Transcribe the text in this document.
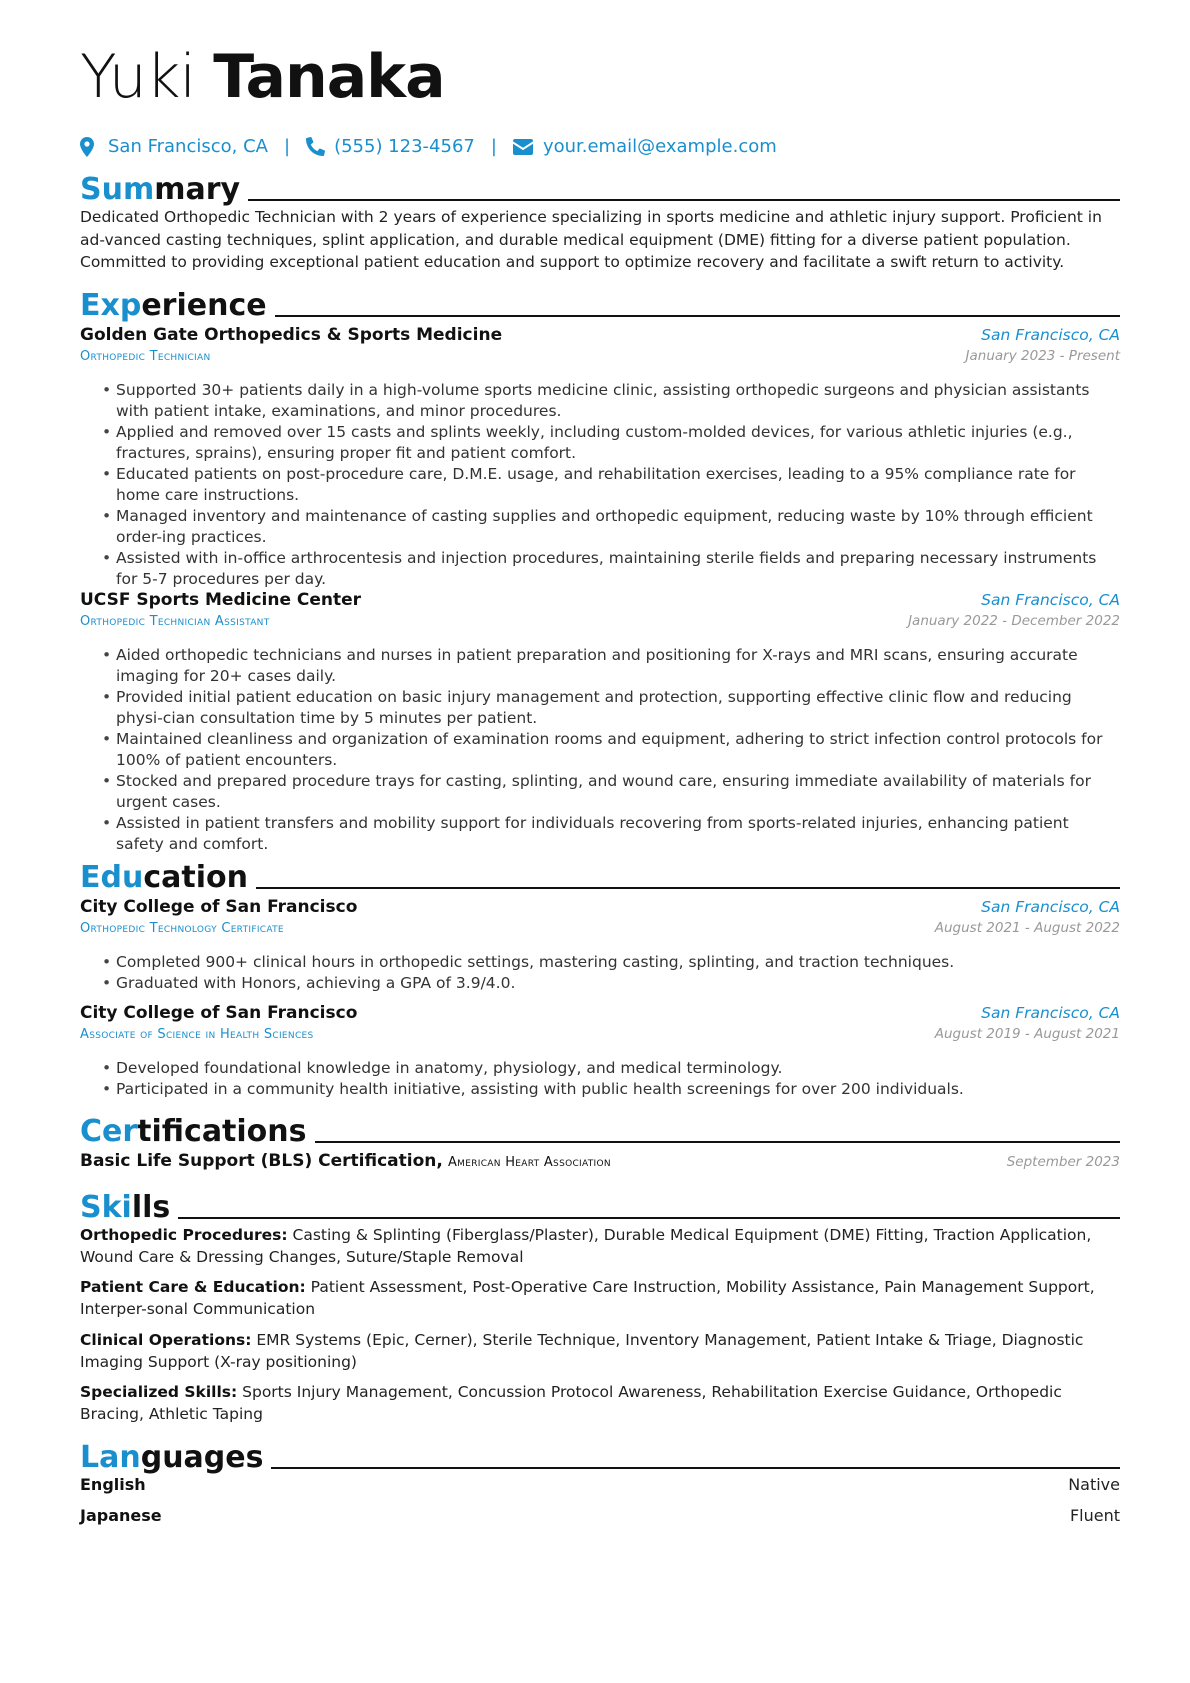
Yuki Tanaka
San Francisco, CA | (555) 123-4567 |	your.email@example.com
Summary
Dedicated Orthopedic Technician with 2 years of experience specializing in sports medicine and athletic injury support. Proficient in ad-vanced casting techniques, splint application, and durable medical equipment (DME) fitting for a diverse patient population. Committed to providing exceptional patient education and support to optimize recovery and facilitate a swift return to activity.
Experience
Golden Gate Orthopedics & Sports Medicine	San Francisco, CA
Orthopedic Technician	January 2023 - Present
• Supported 30+ patients daily in a high-volume sports medicine clinic, assisting orthopedic surgeons and physician assistants with patient intake, examinations, and minor procedures.
• Applied and removed over 15 casts and splints weekly, including custom-molded devices, for various athletic injuries (e.g., fractures, sprains), ensuring proper fit and patient comfort.
• Educated patients on post-procedure care, D.M.E. usage, and rehabilitation exercises, leading to a 95% compliance rate for home care instructions.
• Managed inventory and maintenance of casting supplies and orthopedic equipment, reducing waste by 10% through efficient order-ing practices.
• Assisted with in-office arthrocentesis and injection procedures, maintaining sterile fields and preparing necessary instruments for 5-7 procedures per day.
UCSF Sports Medicine Center	San Francisco, CA
Orthopedic Technician Assistant	January 2022 - December 2022
• Aided orthopedic technicians and nurses in patient preparation and positioning for X-rays and MRI scans, ensuring accurate imaging for 20+ cases daily.
• Provided initial patient education on basic injury management and protection, supporting effective clinic flow and reducing physi-cian consultation time by 5 minutes per patient.
• Maintained cleanliness and organization of examination rooms and equipment, adhering to strict infection control protocols for 100% of patient encounters.
• Stocked and prepared procedure trays for casting, splinting, and wound care, ensuring immediate availability of materials for urgent cases.
• Assisted in patient transfers and mobility support for individuals recovering from sports-related injuries, enhancing patient safety and comfort.
Education
City College of San Francisco	San Francisco, CA
Orthopedic Technology Certificate	August 2021 - August 2022
• Completed 900+ clinical hours in orthopedic settings, mastering casting, splinting, and traction techniques.
• Graduated with Honors, achieving a GPA of 3.9/4.0.
City College of San Francisco	San Francisco, CA
Associate of Science in Health Sciences	August 2019 - August 2021
• Developed foundational knowledge in anatomy, physiology, and medical terminology.
• Participated in a community health initiative, assisting with public health screenings for over 200 individuals.
Certifications
Basic Life Support (BLS) Certification, American Heart Association	September 2023
Skills
Orthopedic Procedures: Casting & Splinting (Fiberglass/Plaster), Durable Medical Equipment (DME) Fitting, Traction Application, Wound Care & Dressing Changes, Suture/Staple Removal
Patient Care & Education: Patient Assessment, Post-Operative Care Instruction, Mobility Assistance, Pain Management Support, Interper-sonal Communication
Clinical Operations: EMR Systems (Epic, Cerner), Sterile Technique, Inventory Management, Patient Intake & Triage, Diagnostic Imaging Support (X-ray positioning)
Specialized Skills: Sports Injury Management, Concussion Protocol Awareness, Rehabilitation Exercise Guidance, Orthopedic Bracing, Athletic Taping
Languages
English	Native
Japanese	Fluent
